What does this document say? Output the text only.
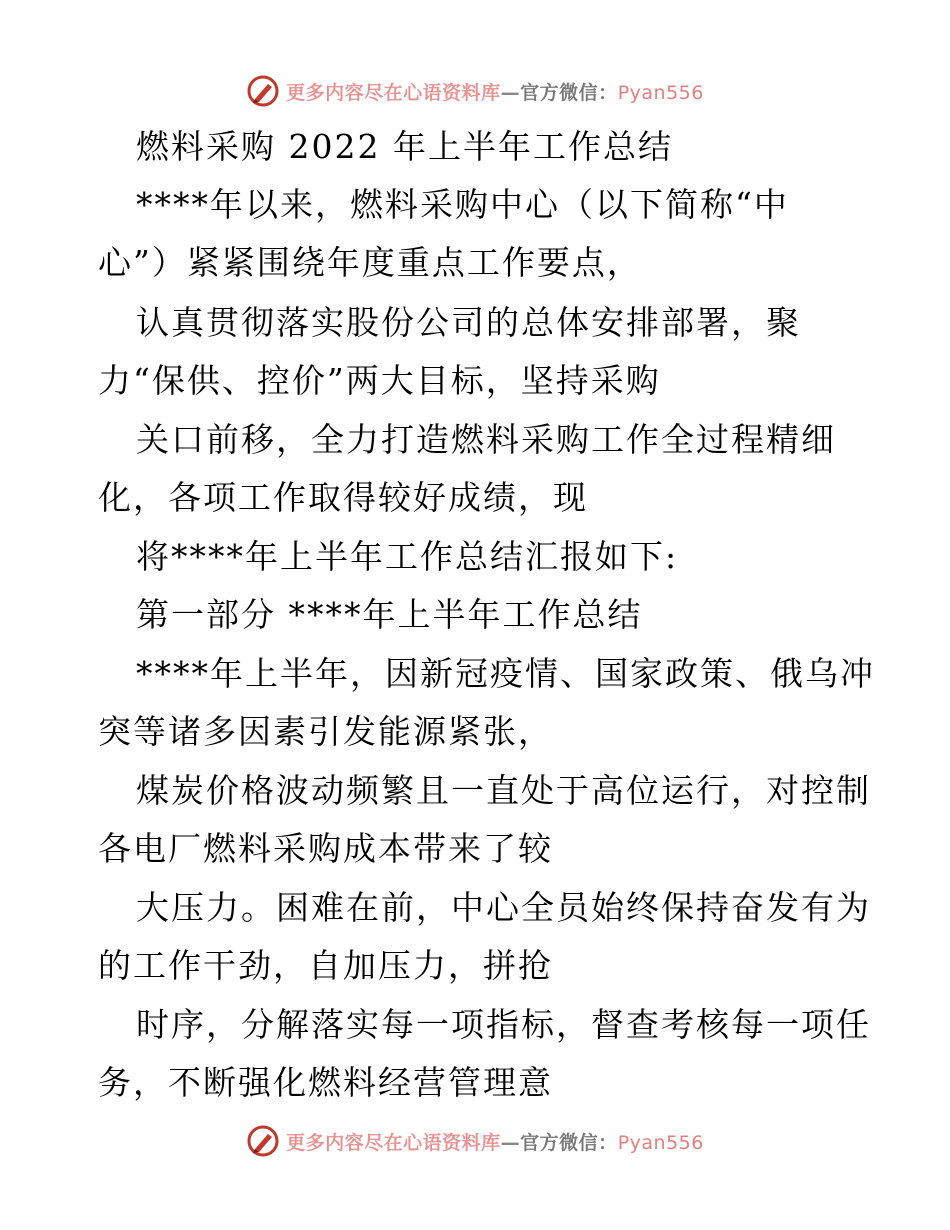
更多内容尽在心语资料库—官方微信：Pyan556
燃料采购 2022 年上半年工作总结
****年以来，燃料采购中心（以下简称“中
心”）紧紧围绕年度重点工作要点，
认真贯彻落实股份公司的总体安排部署，聚
力“保供、控价”两大目标，坚持采购
关口前移，全力打造燃料采购工作全过程精细
化，各项工作取得较好成绩，现
将****年上半年工作总结汇报如下:
第一部分 ****年上半年工作总结
****年上半年，因新冠疫情、国家政策、俄乌冲
突等诸多因素引发能源紧张，
煤炭价格波动频繁且一直处于高位运行，对控制
各电厂燃料采购成本带来了较
大压力。困难在前，中心全员始终保持奋发有为
的工作干劲，自加压力，拼抢
时序，分解落实每一项指标，督查考核每一项任
务，不断强化燃料经营管理意
更多内容尽在心语资料库—官方微信：Pyan556
